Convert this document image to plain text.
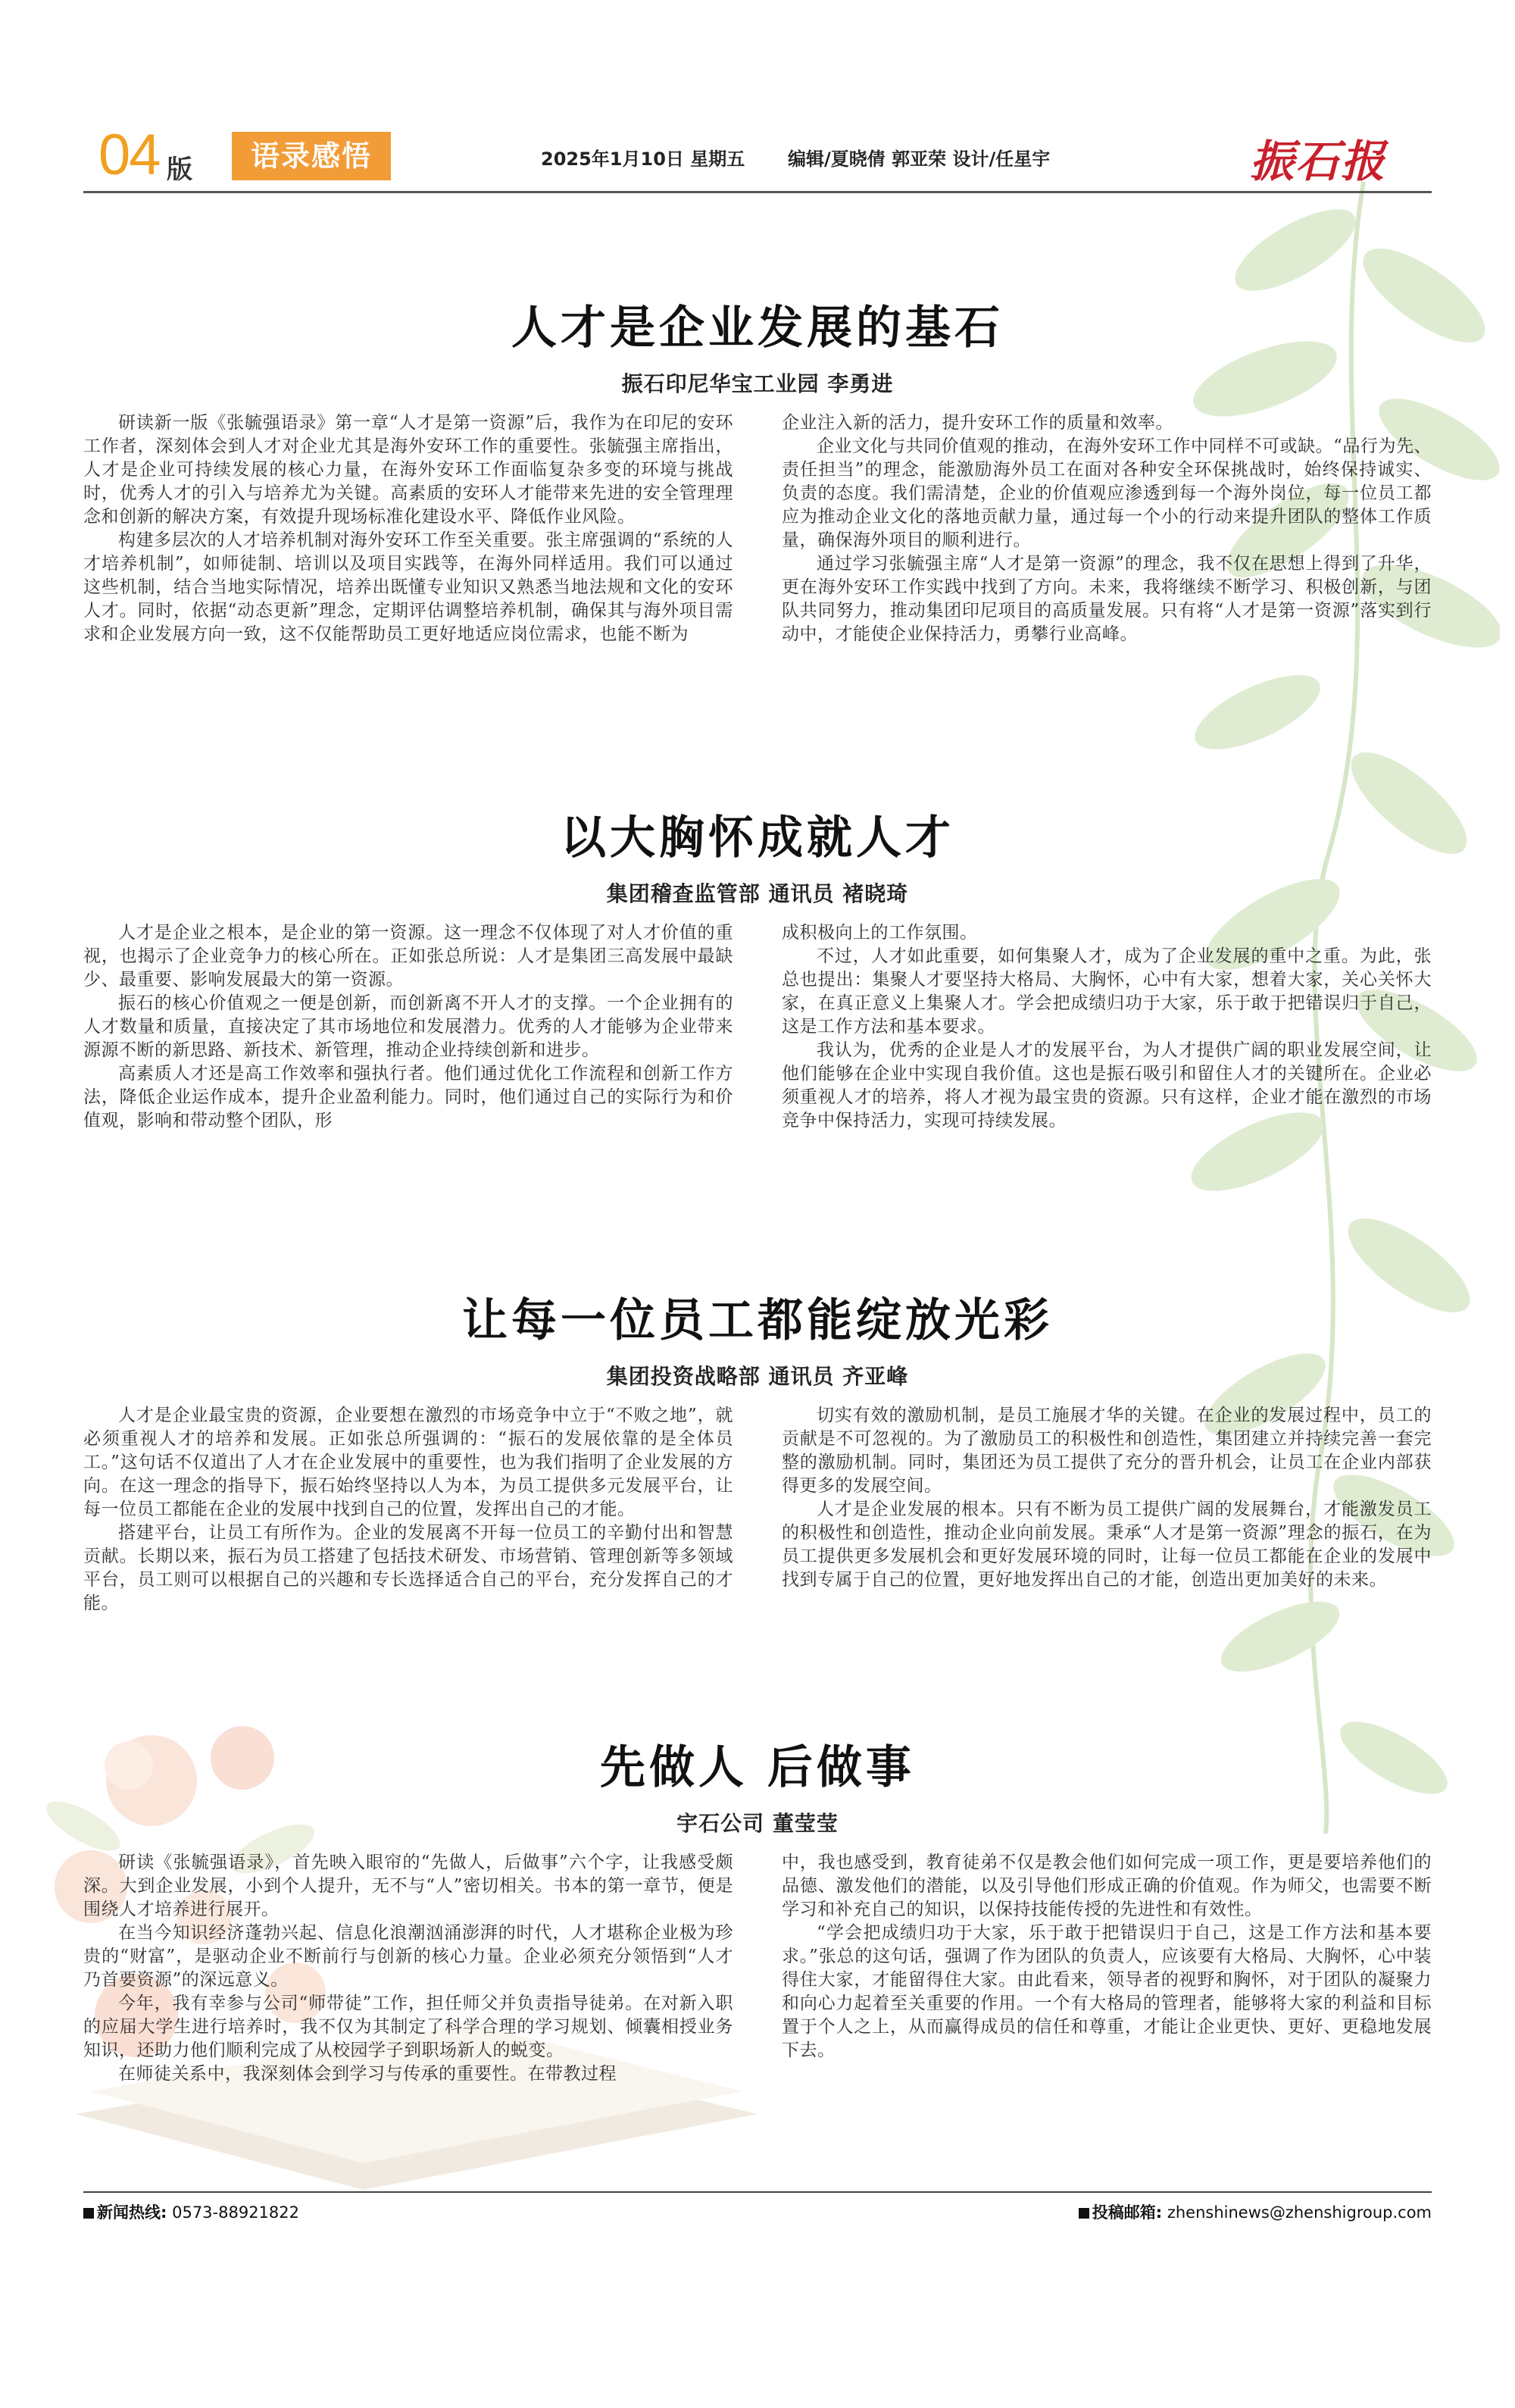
04 版	语录感悟	2025年1月10日 星期五 编辑/夏晓倩 郭亚荣 设计/任星宇	振石报
人才是企业发展的基石
振石印尼华宝工业园 李勇进

研读新一版《张毓强语录》第一章“人才是第一资源”后，我作为在印尼的安环工作者，深刻体会到人才对企业尤其是海外安环工作的重要性。张毓强主席指出，人才是企业可持续发展的核心力量，在海外安环工作面临复杂多变的环境与挑战时，优秀人才的引入与培养尤为关键。高素质的安环人才能带来先进的安全管理理念和创新的解决方案，有效提升现场标准化建设水平、降低作业风险。

构建多层次的人才培养机制对海外安环工作至关重要。张主席强调的“系统的人才培养机制”，如师徒制、培训以及项目实践等，在海外同样适用。我们可以通过这些机制，结合当地实际情况，培养出既懂专业知识又熟悉当地法规和文化的安环人才。同时，依据“动态更新”理念，定期评估调整培养机制，确保其与海外项目需求和企业发展方向一致，这不仅能帮助员工更好地适应岗位需求，也能不断为

企业注入新的活力，提升安环工作的质量和效率。

企业文化与共同价值观的推动，在海外安环工作中同样不可或缺。“品行为先、责任担当”的理念，能激励海外员工在面对各种安全环保挑战时，始终保持诚实、负责的态度。我们需清楚，企业的价值观应渗透到每一个海外岗位，每一位员工都应为推动企业文化的落地贡献力量，通过每一个小的行动来提升团队的整体工作质量，确保海外项目的顺利进行。

通过学习张毓强主席“人才是第一资源”的理念，我不仅在思想上得到了升华，更在海外安环工作实践中找到了方向。未来，我将继续不断学习、积极创新，与团队共同努力，推动集团印尼项目的高质量发展。只有将“人才是第一资源”落实到行动中，才能使企业保持活力，勇攀行业高峰。

以大胸怀成就人才
集团稽查监管部 通讯员 褚晓琦

人才是企业之根本，是企业的第一资源。这一理念不仅体现了对人才价值的重视，也揭示了企业竞争力的核心所在。正如张总所说：人才是集团三高发展中最缺少、最重要、影响发展最大的第一资源。

振石的核心价值观之一便是创新，而创新离不开人才的支撑。一个企业拥有的人才数量和质量，直接决定了其市场地位和发展潜力。优秀的人才能够为企业带来源源不断的新思路、新技术、新管理，推动企业持续创新和进步。

高素质人才还是高工作效率和强执行者。他们通过优化工作流程和创新工作方法，降低企业运作成本，提升企业盈利能力。同时，他们通过自己的实际行为和价值观，影响和带动整个团队，形

成积极向上的工作氛围。

不过，人才如此重要，如何集聚人才，成为了企业发展的重中之重。为此，张总也提出：集聚人才要坚持大格局、大胸怀，心中有大家，想着大家，关心关怀大家，在真正意义上集聚人才。学会把成绩归功于大家，乐于敢于把错误归于自己，这是工作方法和基本要求。

我认为，优秀的企业是人才的发展平台，为人才提供广阔的职业发展空间，让他们能够在企业中实现自我价值。这也是振石吸引和留住人才的关键所在。企业必须重视人才的培养，将人才视为最宝贵的资源。只有这样，企业才能在激烈的市场竞争中保持活力，实现可持续发展。

让每一位员工都能绽放光彩
集团投资战略部 通讯员 齐亚峰

人才是企业最宝贵的资源，企业要想在激烈的市场竞争中立于“不败之地”，就必须重视人才的培养和发展。正如张总所强调的：“振石的发展依靠的是全体员工。”这句话不仅道出了人才在企业发展中的重要性，也为我们指明了企业发展的方向。在这一理念的指导下，振石始终坚持以人为本，为员工提供多元发展平台，让每一位员工都能在企业的发展中找到自己的位置，发挥出自己的才能。

搭建平台，让员工有所作为。企业的发展离不开每一位员工的辛勤付出和智慧贡献。长期以来，振石为员工搭建了包括技术研发、市场营销、管理创新等多领域平台，员工则可以根据自己的兴趣和专长选择适合自己的平台，充分发挥自己的才能。

切实有效的激励机制，是员工施展才华的关键。在企业的发展过程中，员工的贡献是不可忽视的。为了激励员工的积极性和创造性，集团建立并持续完善一套完整的激励机制。同时，集团还为员工提供了充分的晋升机会，让员工在企业内部获得更多的发展空间。

人才是企业发展的根本。只有不断为员工提供广阔的发展舞台，才能激发员工的积极性和创造性，推动企业向前发展。秉承“人才是第一资源”理念的振石，在为员工提供更多发展机会和更好发展环境的同时，让每一位员工都能在企业的发展中找到专属于自己的位置，更好地发挥出自己的才能，创造出更加美好的未来。

先做人 后做事
宇石公司 董莹莹

研读《张毓强语录》，首先映入眼帘的“先做人，后做事”六个字，让我感受颇深。大到企业发展，小到个人提升，无不与“人”密切相关。书本的第一章节，便是围绕人才培养进行展开。

在当今知识经济蓬勃兴起、信息化浪潮汹涌澎湃的时代，人才堪称企业极为珍贵的“财富”，是驱动企业不断前行与创新的核心力量。企业必须充分领悟到“人才乃首要资源”的深远意义。

今年，我有幸参与公司“师带徒”工作，担任师父并负责指导徒弟。在对新入职的应届大学生进行培养时，我不仅为其制定了科学合理的学习规划、倾囊相授业务知识，还助力他们顺利完成了从校园学子到职场新人的蜕变。

在师徒关系中，我深刻体会到学习与传承的重要性。在带教过程

中，我也感受到，教育徒弟不仅是教会他们如何完成一项工作，更是要培养他们的品德、激发他们的潜能，以及引导他们形成正确的价值观。作为师父，也需要不断学习和补充自己的知识，以保持技能传授的先进性和有效性。

“学会把成绩归功于大家，乐于敢于把错误归于自己，这是工作方法和基本要求。”张总的这句话，强调了作为团队的负责人，应该要有大格局、大胸怀，心中装得住大家，才能留得住大家。由此看来，领导者的视野和胸怀，对于团队的凝聚力和向心力起着至关重要的作用。一个有大格局的管理者，能够将大家的利益和目标置于个人之上，从而赢得成员的信任和尊重，才能让企业更快、更好、更稳地发展下去。

新闻热线: 0573-88921822	投稿邮箱: zhenshinews@zhenshigroup.com
